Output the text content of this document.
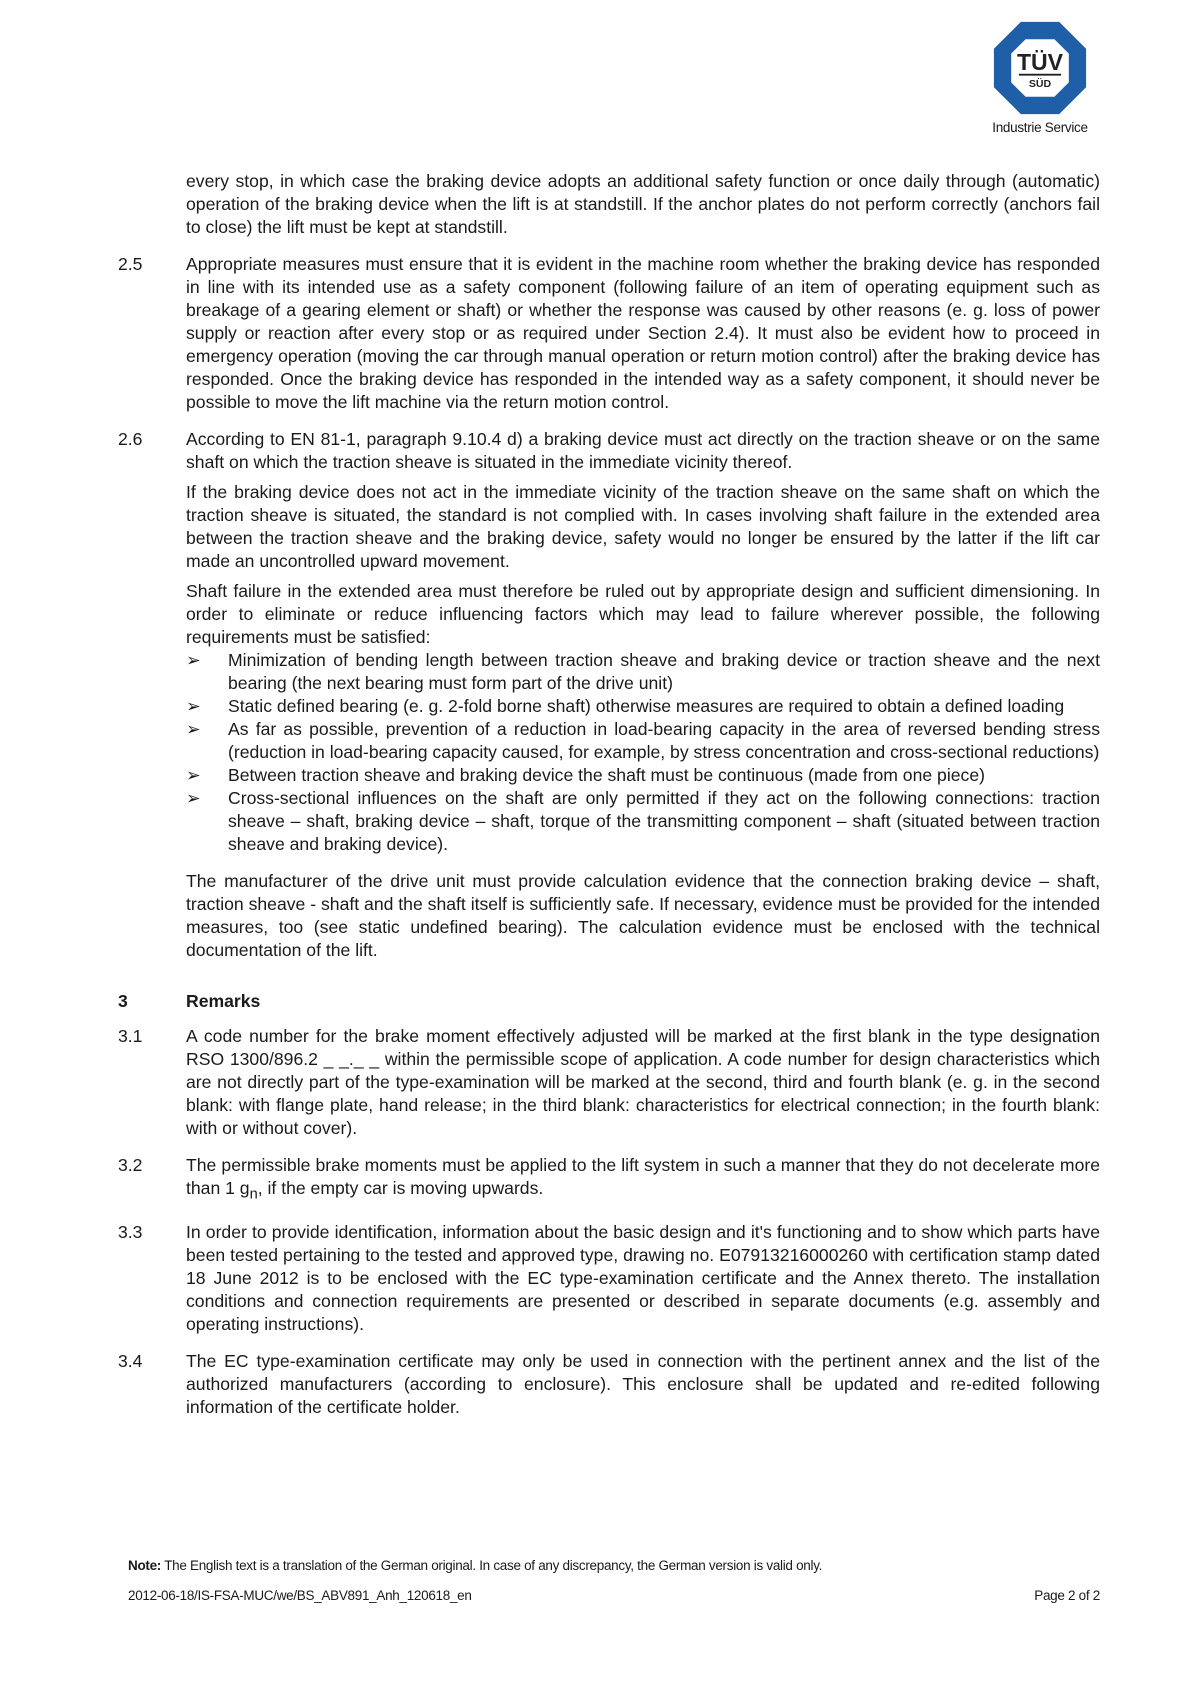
TÜV
SÜD
Industrie Service
every stop, in which case the braking device adopts an additional safety function or once daily through (automatic) operation of the braking device when the lift is at standstill. If the anchor plates do not perform correctly (anchors fail to close) the lift must be kept at standstill.
2.5	Appropriate measures must ensure that it is evident in the machine room whether the braking device has responded in line with its intended use as a safety component (following failure of an item of operating equipment such as breakage of a gearing element or shaft) or whether the response was caused by other reasons (e. g. loss of power supply or reaction after every stop or as required under Section 2.4). It must also be evident how to proceed in emergency operation (moving the car through manual operation or return motion control) after the braking device has responded. Once the braking device has responded in the intended way as a safety component, it should never be possible to move the lift machine via the return motion control.
2.6	According to EN 81-1, paragraph 9.10.4 d) a braking device must act directly on the traction sheave or on the same shaft on which the traction sheave is situated in the immediate vicinity thereof.

If the braking device does not act in the immediate vicinity of the traction sheave on the same shaft on which the traction sheave is situated, the standard is not complied with. In cases involving shaft failure in the extended area between the traction sheave and the braking device, safety would no longer be ensured by the latter if the lift car made an uncontrolled upward movement.

Shaft failure in the extended area must therefore be ruled out by appropriate design and sufficient dimensioning. In order to eliminate or reduce influencing factors which may lead to failure wherever possible, the following requirements must be satisfied:

➢	Minimization of bending length between traction sheave and braking device or traction sheave and the next bearing (the next bearing must form part of the drive unit)
➢	Static defined bearing (e. g. 2-fold borne shaft) otherwise measures are required to obtain a defined loading
➢	As far as possible, prevention of a reduction in load-bearing capacity in the area of reversed bending stress (reduction in load-bearing capacity caused, for example, by stress concentration and cross-sectional reductions)
➢	Between traction sheave and braking device the shaft must be continuous (made from one piece)
➢	Cross-sectional influences on the shaft are only permitted if they act on the following connections: traction sheave – shaft, braking device – shaft, torque of the transmitting component – shaft (situated between traction sheave and braking device).

The manufacturer of the drive unit must provide calculation evidence that the connection braking device – shaft, traction sheave - shaft and the shaft itself is sufficiently safe. If necessary, evidence must be provided for the intended measures, too (see static undefined bearing). The calculation evidence must be enclosed with the technical documentation of the lift.

3	Remarks
3.1	A code number for the brake moment effectively adjusted will be marked at the first blank in the type designation RSO 1300/896.2 _ _._ _ within the permissible scope of application. A code number for design characteristics which are not directly part of the type-examination will be marked at the second, third and fourth blank (e. g. in the second blank: with flange plate, hand release; in the third blank: characteristics for electrical connection; in the fourth blank: with or without cover).
3.2	The permissible brake moments must be applied to the lift system in such a manner that they do not decelerate more than 1 $g_n$, if the empty car is moving upwards.
3.3	In order to provide identification, information about the basic design and it's functioning and to show which parts have been tested pertaining to the tested and approved type, drawing no. E07913216000260 with certification stamp dated 18 June 2012 is to be enclosed with the EC type-examination certificate and the Annex thereto. The installation conditions and connection requirements are presented or described in separate documents (e.g. assembly and operating instructions).
3.4	The EC type-examination certificate may only be used in connection with the pertinent annex and the list of the authorized manufacturers (according to enclosure). This enclosure shall be updated and re-edited following information of the certificate holder.
Note: The English text is a translation of the German original. In case of any discrepancy, the German version is valid only.
2012-06-18/IS-FSA-MUC/we/BS_ABV891_Anh_120618_en	Page 2 of 2
